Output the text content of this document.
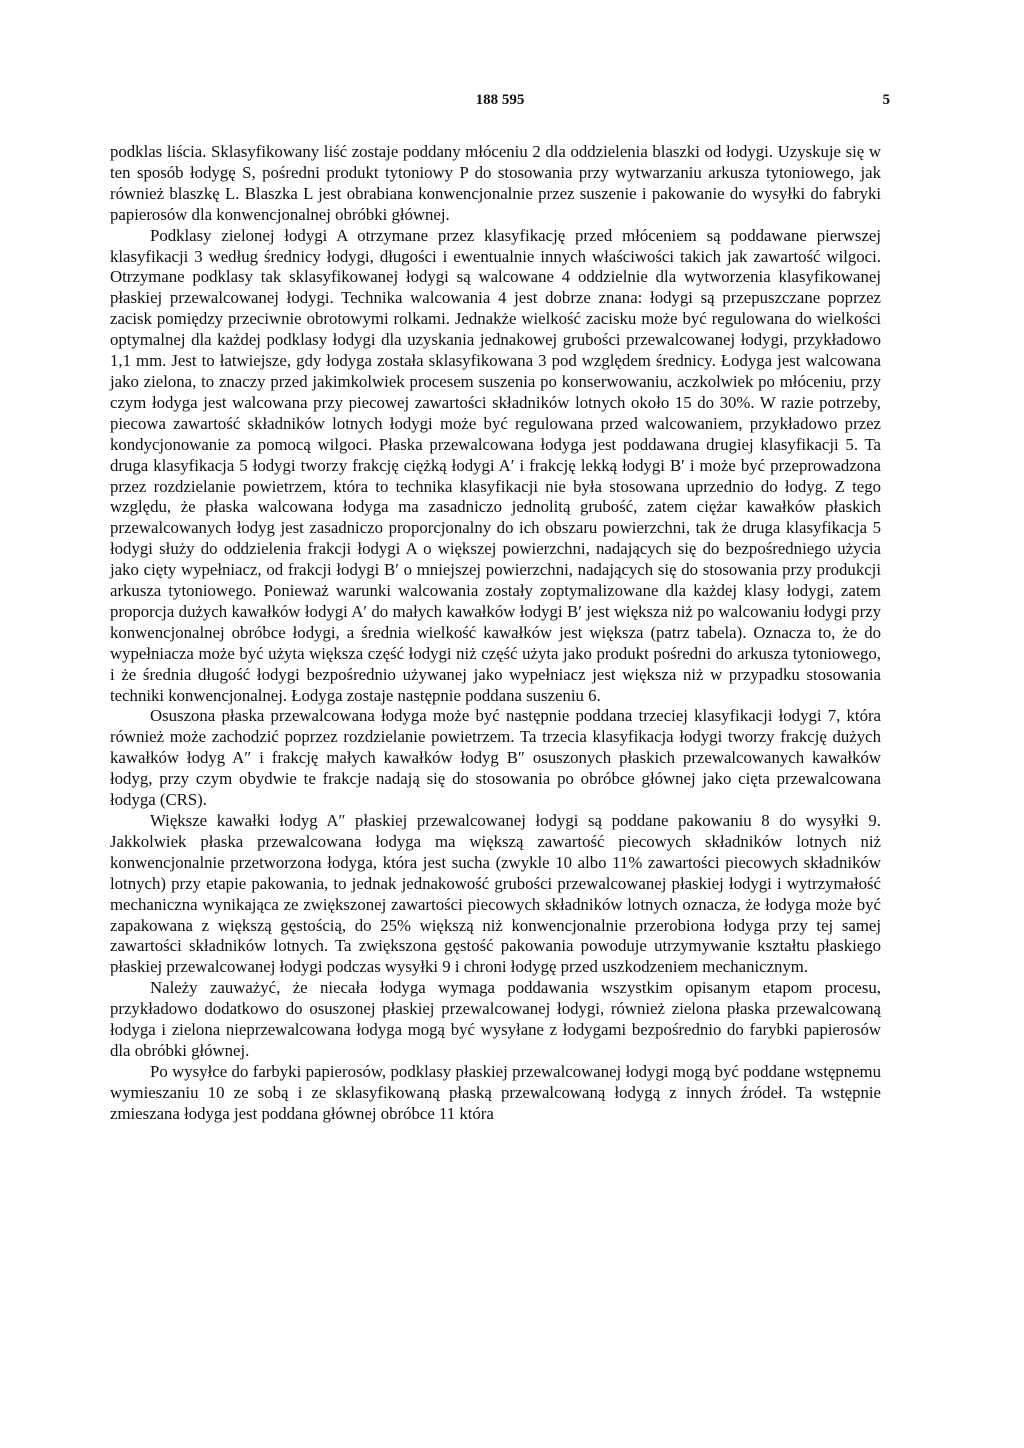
188 595	5

podklas liścia. Sklasyfikowany liść zostaje poddany młóceniu 2 dla oddzielenia blaszki od łodygi. Uzyskuje się w ten sposób łodygę S, pośredni produkt tytoniowy P do stosowania przy wytwarzaniu arkusza tytoniowego, jak również blaszkę L. Blaszka L jest obrabiana konwencjonalnie przez suszenie i pakowanie do wysyłki do fabryki papierosów dla konwencjonalnej obróbki głównej.

Podklasy zielonej łodygi A otrzymane przez klasyfikację przed młóceniem są poddawane pierwszej klasyfikacji 3 według średnicy łodygi, długości i ewentualnie innych właściwości takich jak zawartość wilgoci. Otrzymane podklasy tak sklasyfikowanej łodygi są walcowane 4 oddzielnie dla wytworzenia klasyfikowanej płaskiej przewalcowanej łodygi. Technika walcowania 4 jest dobrze znana: łodygi są przepuszczane poprzez zacisk pomiędzy przeciwnie obrotowymi rolkami. Jednakże wielkość zacisku może być regulowana do wielkości optymalnej dla każdej podklasy łodygi dla uzyskania jednakowej grubości przewalcowanej łodygi, przykładowo 1,1 mm. Jest to łatwiejsze, gdy łodyga została sklasyfikowana 3 pod względem średnicy. Łodyga jest walcowana jako zielona, to znaczy przed jakimkolwiek procesem suszenia po konserwowaniu, aczkolwiek po młóceniu, przy czym łodyga jest walcowana przy piecowej zawartości składników lotnych około 15 do 30%. W razie potrzeby, piecowa zawartość składników lotnych łodygi może być regulowana przed walcowaniem, przykładowo przez kondycjonowanie za pomocą wilgoci. Płaska przewalcowana łodyga jest poddawana drugiej klasyfikacji 5. Ta druga klasyfikacja 5 łodygi tworzy frakcję ciężką łodygi A′ i frakcję lekką łodygi B′ i może być przeprowadzona przez rozdzielanie powietrzem, która to technika klasyfikacji nie była stosowana uprzednio do łodyg. Z tego względu, że płaska walcowana łodyga ma zasadniczo jednolitą grubość, zatem ciężar kawałków płaskich przewalcowanych łodyg jest zasadniczo proporcjonalny do ich obszaru powierzchni, tak że druga klasyfikacja 5 łodygi służy do oddzielenia frakcji łodygi A o większej powierzchni, nadających się do bezpośredniego użycia jako cięty wypełniacz, od frakcji łodygi B′ o mniejszej powierzchni, nadających się do stosowania przy produkcji arkusza tytoniowego. Ponieważ warunki walcowania zostały zoptymalizowane dla każdej klasy łodygi, zatem proporcja dużych kawałków łodygi A′ do małych kawałków łodygi B′ jest większa niż po walcowaniu łodygi przy konwencjonalnej obróbce łodygi, a średnia wielkość kawałków jest większa (patrz tabela). Oznacza to, że do wypełniacza może być użyta większa część łodygi niż część użyta jako produkt pośredni do arkusza tytoniowego, i że średnia długość łodygi bezpośrednio używanej jako wypełniacz jest większa niż w przypadku stosowania techniki konwencjonalnej. Łodyga zostaje następnie poddana suszeniu 6.

Osuszona płaska przewalcowana łodyga może być następnie poddana trzeciej klasyfikacji łodygi 7, która również może zachodzić poprzez rozdzielanie powietrzem. Ta trzecia klasyfikacja łodygi tworzy frakcję dużych kawałków łodyg A″ i frakcję małych kawałków łodyg B″ osuszonych płaskich przewalcowanych kawałków łodyg, przy czym obydwie te frakcje nadają się do stosowania po obróbce głównej jako cięta przewalcowana łodyga (CRS).

Większe kawałki łodyg A″ płaskiej przewalcowanej łodygi są poddane pakowaniu 8 do wysyłki 9. Jakkolwiek płaska przewalcowana łodyga ma większą zawartość piecowych składników lotnych niż konwencjonalnie przetworzona łodyga, która jest sucha (zwykle 10 albo 11% zawartości piecowych składników lotnych) przy etapie pakowania, to jednak jednakowość grubości przewalcowanej płaskiej łodygi i wytrzymałość mechaniczna wynikająca ze zwiększonej zawartości piecowych składników lotnych oznacza, że łodyga może być zapakowana z większą gęstością, do 25% większą niż konwencjonalnie przerobiona łodyga przy tej samej zawartości składników lotnych. Ta zwiększona gęstość pakowania powoduje utrzymywanie kształtu płaskiego płaskiej przewalcowanej łodygi podczas wysyłki 9 i chroni łodygę przed uszkodzeniem mechanicznym.

Należy zauważyć, że niecała łodyga wymaga poddawania wszystkim opisanym etapom procesu, przykładowo dodatkowo do osuszonej płaskiej przewalcowanej łodygi, również zielona płaska przewalcowaną łodyga i zielona nieprzewalcowana łodyga mogą być wysyłane z łodygami bezpośrednio do farybki papierosów dla obróbki głównej.

Po wysyłce do farbyki papierosów, podklasy płaskiej przewalcowanej łodygi mogą być poddane wstępnemu wymieszaniu 10 ze sobą i ze sklasyfikowaną płaską przewalcowaną łodygą z innych źródeł. Ta wstępnie zmieszana łodyga jest poddana głównej obróbce 11 która
